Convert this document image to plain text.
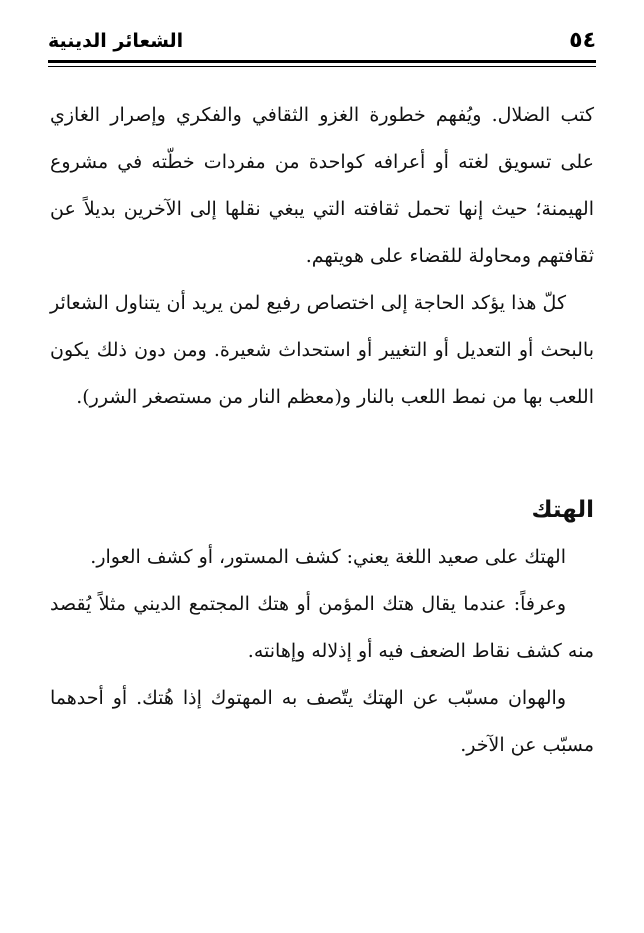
٥٤
الشعائر الدينية

كتب الضلال. ويُفهم خطورة الغزو الثقافي والفكري وإصرار الغازي على تسويق لغته أو أعرافه كواحدة من مفردات خطّته في مشروع الهيمنة؛ حيث إنها تحمل ثقافته التي يبغي نقلها إلى الآخرين بديلاً عن ثقافتهم ومحاولة للقضاء على هويتهم.

كلّ هذا يؤكد الحاجة إلى اختصاص رفيع لمن يريد أن يتناول الشعائر بالبحث أو التعديل أو التغيير أو استحداث شعيرة. ومن دون ذلك يكون اللعب بها من نمط اللعب بالنار و(معظم النار من مستصغر الشرر).

الهتك

الهتك على صعيد اللغة يعني: كشف المستور، أو كشف العوار.

وعرفاً: عندما يقال هتك المؤمن أو هتك المجتمع الديني مثلاً يُقصد منه كشف نقاط الضعف فيه أو إذلاله وإهانته.

والهوان مسبّب عن الهتك يتّصف به المهتوك إذا هُتك. أو أحدهما مسبّب عن الآخر.
